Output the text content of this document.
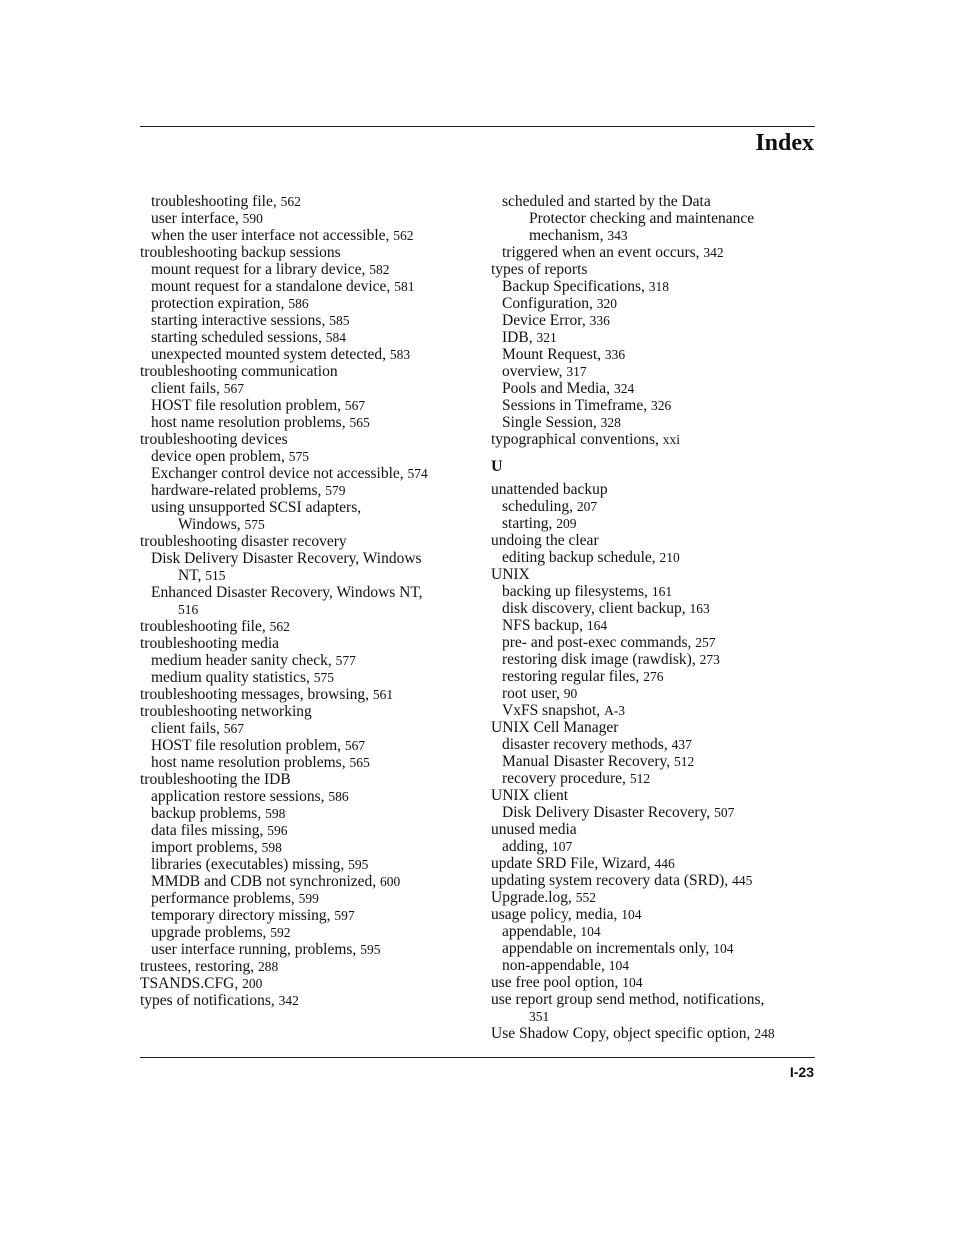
Index
troubleshooting file, 562
user interface, 590
when the user interface not accessible, 562
troubleshooting backup sessions
mount request for a library device, 582
mount request for a standalone device, 581
protection expiration, 586
starting interactive sessions, 585
starting scheduled sessions, 584
unexpected mounted system detected, 583
troubleshooting communication
client fails, 567
HOST file resolution problem, 567
host name resolution problems, 565
troubleshooting devices
device open problem, 575
Exchanger control device not accessible, 574
hardware-related problems, 579
using unsupported SCSI adapters,
Windows, 575
troubleshooting disaster recovery
Disk Delivery Disaster Recovery, Windows
NT, 515
Enhanced Disaster Recovery, Windows NT,
516
troubleshooting file, 562
troubleshooting media
medium header sanity check, 577
medium quality statistics, 575
troubleshooting messages, browsing, 561
troubleshooting networking
client fails, 567
HOST file resolution problem, 567
host name resolution problems, 565
troubleshooting the IDB
application restore sessions, 586
backup problems, 598
data files missing, 596
import problems, 598
libraries (executables) missing, 595
MMDB and CDB not synchronized, 600
performance problems, 599
temporary directory missing, 597
upgrade problems, 592
user interface running, problems, 595
trustees, restoring, 288
TSANDS.CFG, 200
types of notifications, 342
scheduled and started by the Data
Protector checking and maintenance
mechanism, 343
triggered when an event occurs, 342
types of reports
Backup Specifications, 318
Configuration, 320
Device Error, 336
IDB, 321
Mount Request, 336
overview, 317
Pools and Media, 324
Sessions in Timeframe, 326
Single Session, 328
typographical conventions, xxi
U
unattended backup
scheduling, 207
starting, 209
undoing the clear
editing backup schedule, 210
UNIX
backing up filesystems, 161
disk discovery, client backup, 163
NFS backup, 164
pre- and post-exec commands, 257
restoring disk image (rawdisk), 273
restoring regular files, 276
root user, 90
VxFS snapshot, A-3
UNIX Cell Manager
disaster recovery methods, 437
Manual Disaster Recovery, 512
recovery procedure, 512
UNIX client
Disk Delivery Disaster Recovery, 507
unused media
adding, 107
update SRD File, Wizard, 446
updating system recovery data (SRD), 445
Upgrade.log, 552
usage policy, media, 104
appendable, 104
appendable on incrementals only, 104
non-appendable, 104
use free pool option, 104
use report group send method, notifications,
351
Use Shadow Copy, object specific option, 248
I-23
